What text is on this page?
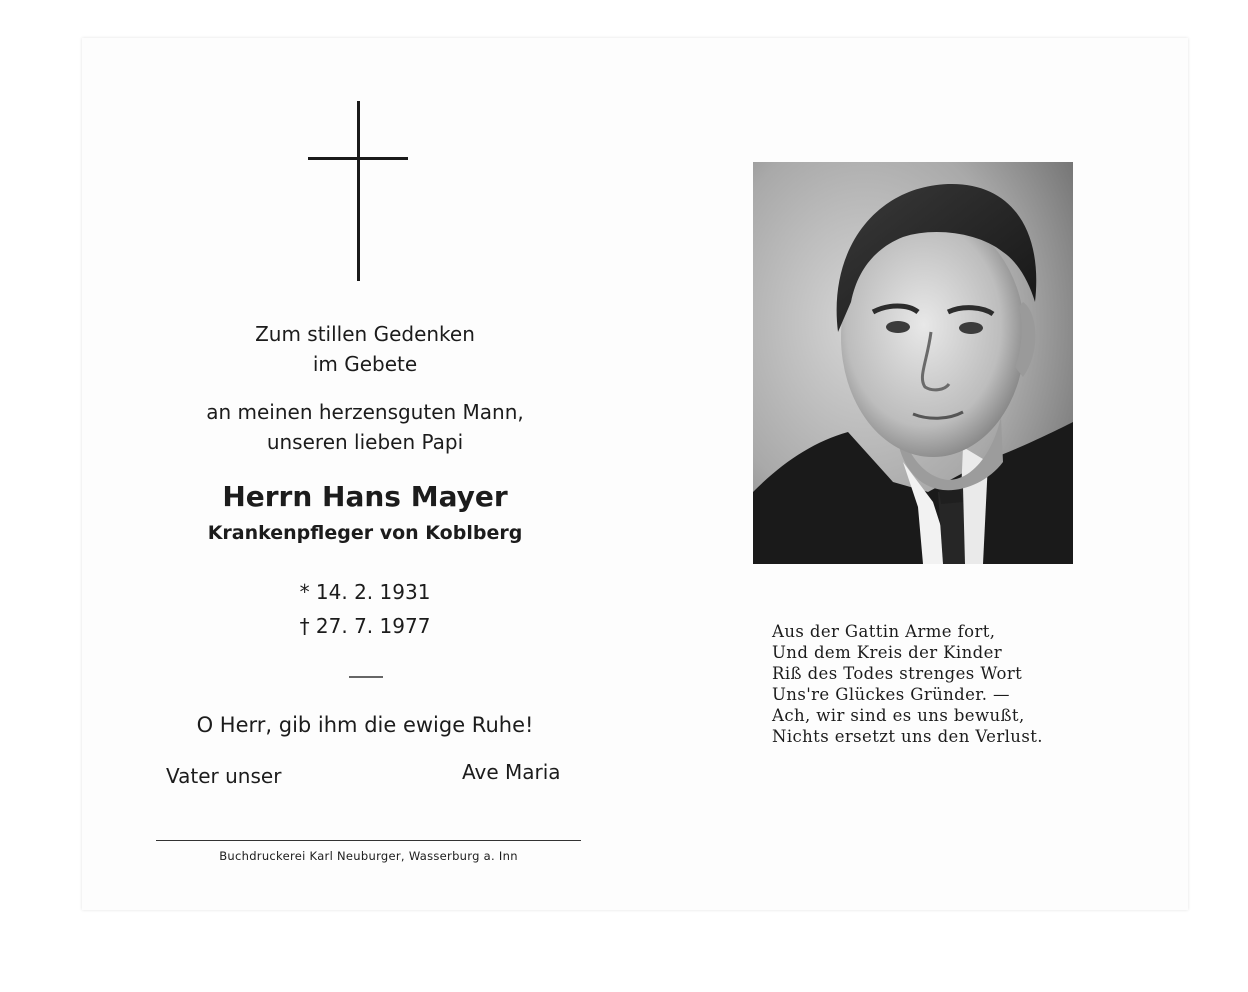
Zum stillen Gedenken
im Gebete
an meinen herzensguten Mann,
unseren lieben Papi
Herrn Hans Mayer
Krankenpfleger von Koblberg
* 14. 2. 1931
† 27. 7. 1977
O Herr, gib ihm die ewige Ruhe!
Vater unser	Ave Maria
Buchdruckerei Karl Neuburger, Wasserburg a. Inn
Aus der Gattin Arme fort,
Und dem Kreis der Kinder
Riß des Todes strenges Wort
Uns're Glückes Gründer. —
Ach, wir sind es uns bewußt,
Nichts ersetzt uns den Verlust.
